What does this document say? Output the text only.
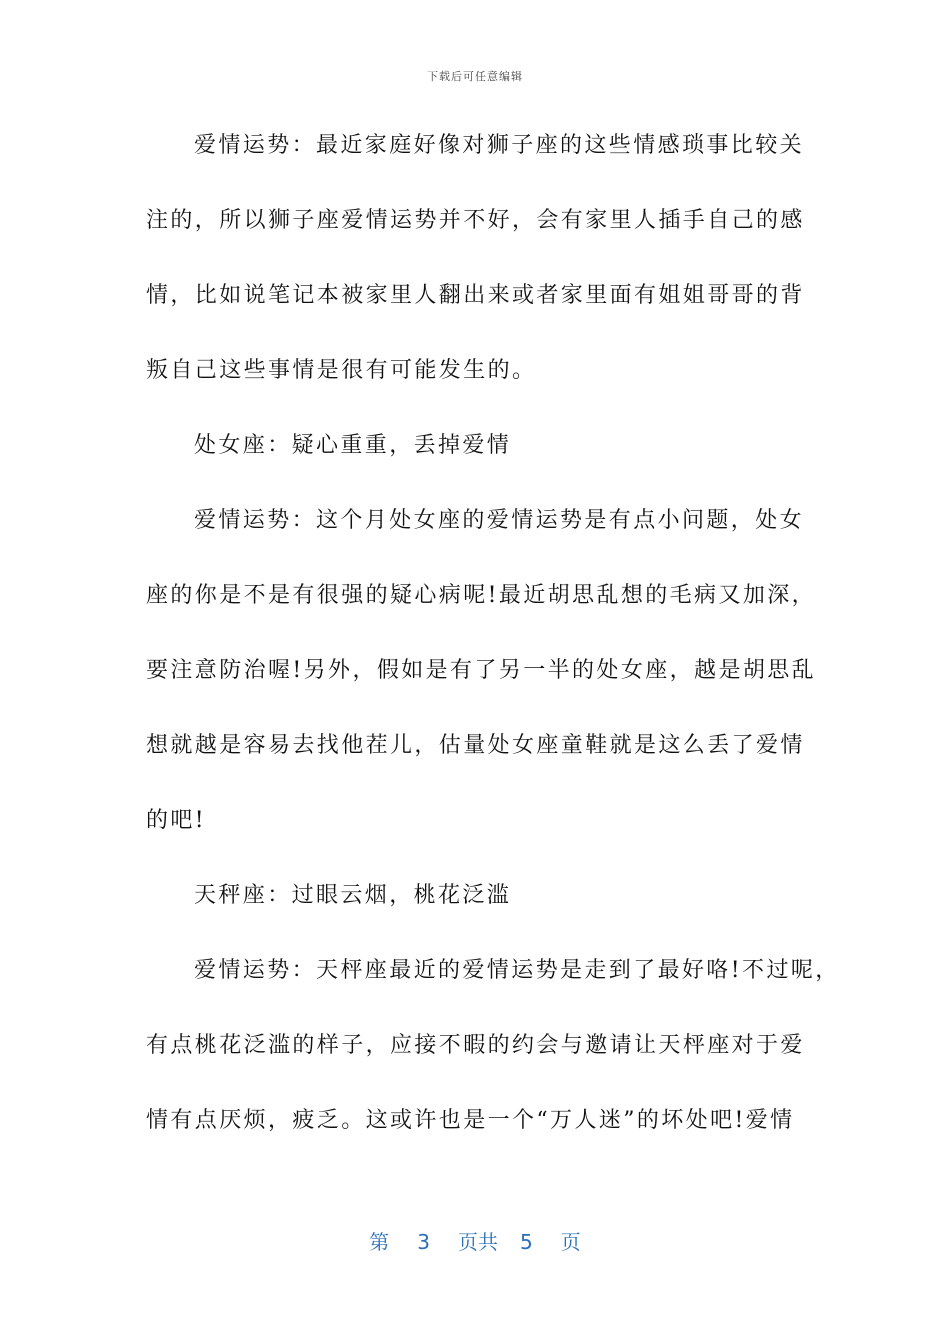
下载后可任意编辑
爱情运势：最近家庭好像对狮子座的这些情感琐事比较关
注的，所以狮子座爱情运势并不好，会有家里人插手自己的感
情，比如说笔记本被家里人翻出来或者家里面有姐姐哥哥的背
叛自己这些事情是很有可能发生的。
处女座：疑心重重，丢掉爱情
爱情运势：这个月处女座的爱情运势是有点小问题，处女
座的你是不是有很强的疑心病呢!最近胡思乱想的毛病又加深，
要注意防治喔!另外，假如是有了另一半的处女座，越是胡思乱
想就越是容易去找他茬儿，估量处女座童鞋就是这么丢了爱情
的吧!
天秤座：过眼云烟，桃花泛滥
爱情运势：天枰座最近的爱情运势是走到了最好咯!不过呢，
有点桃花泛滥的样子，应接不暇的约会与邀请让天枰座对于爱
情有点厌烦，疲乏。这或许也是一个“万人迷”的坏处吧!爱情
第 3 页共 5 页
